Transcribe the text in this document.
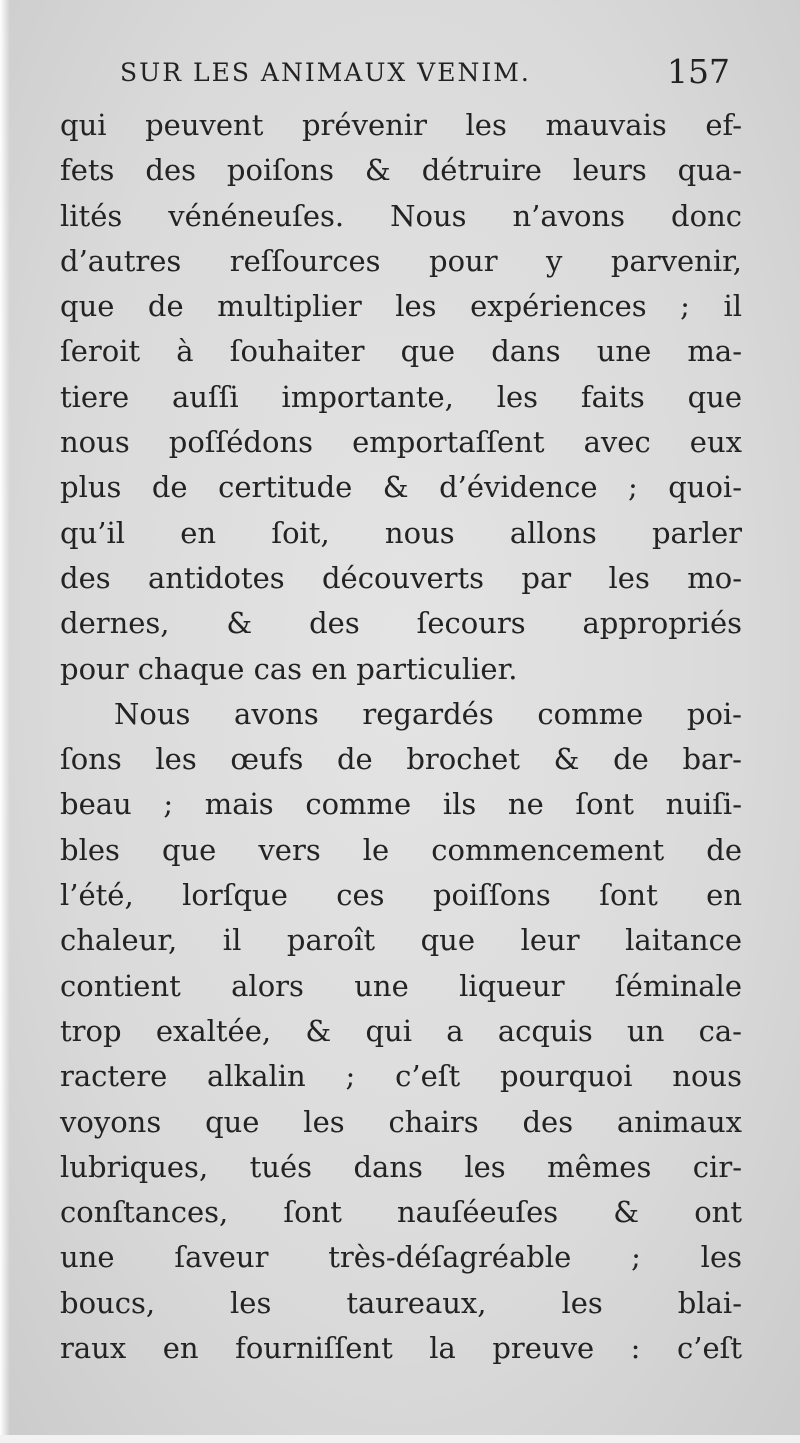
SUR LES ANIMAUX VENIM.	157
qui peuvent prévenir les mauvais ef-
fets des poiſons & détruire leurs qua-
lités vénéneuſes. Nous n’avons donc
d’autres reſſources pour y parvenir,
que de multiplier les expériences ; il
ſeroit à ſouhaiter que dans une ma-
tiere auſſi importante, les faits que
nous poſſédons emportaſſent avec eux
plus de certitude & d’évidence ; quoi-
qu’il en ſoit, nous allons parler
des antidotes découverts par les mo-
dernes, & des ſecours appropriés
pour chaque cas en particulier.
Nous avons regardés comme poi-
ſons les œufs de brochet & de bar-
beau ; mais comme ils ne ſont nuiſi-
bles que vers le commencement de
l’été, lorſque ces poiſſons ſont en
chaleur, il paroît que leur laitance
contient alors une liqueur ſéminale
trop exaltée, & qui a acquis un ca-
ractere alkalin ; c’eſt pourquoi nous
voyons que les chairs des animaux
lubriques, tués dans les mêmes cir-
conſtances, ſont nauſéeuſes & ont
une ſaveur très-déſagréable ; les
boucs, les taureaux, les blai-
raux en fourniſſent la preuve : c’eſt
